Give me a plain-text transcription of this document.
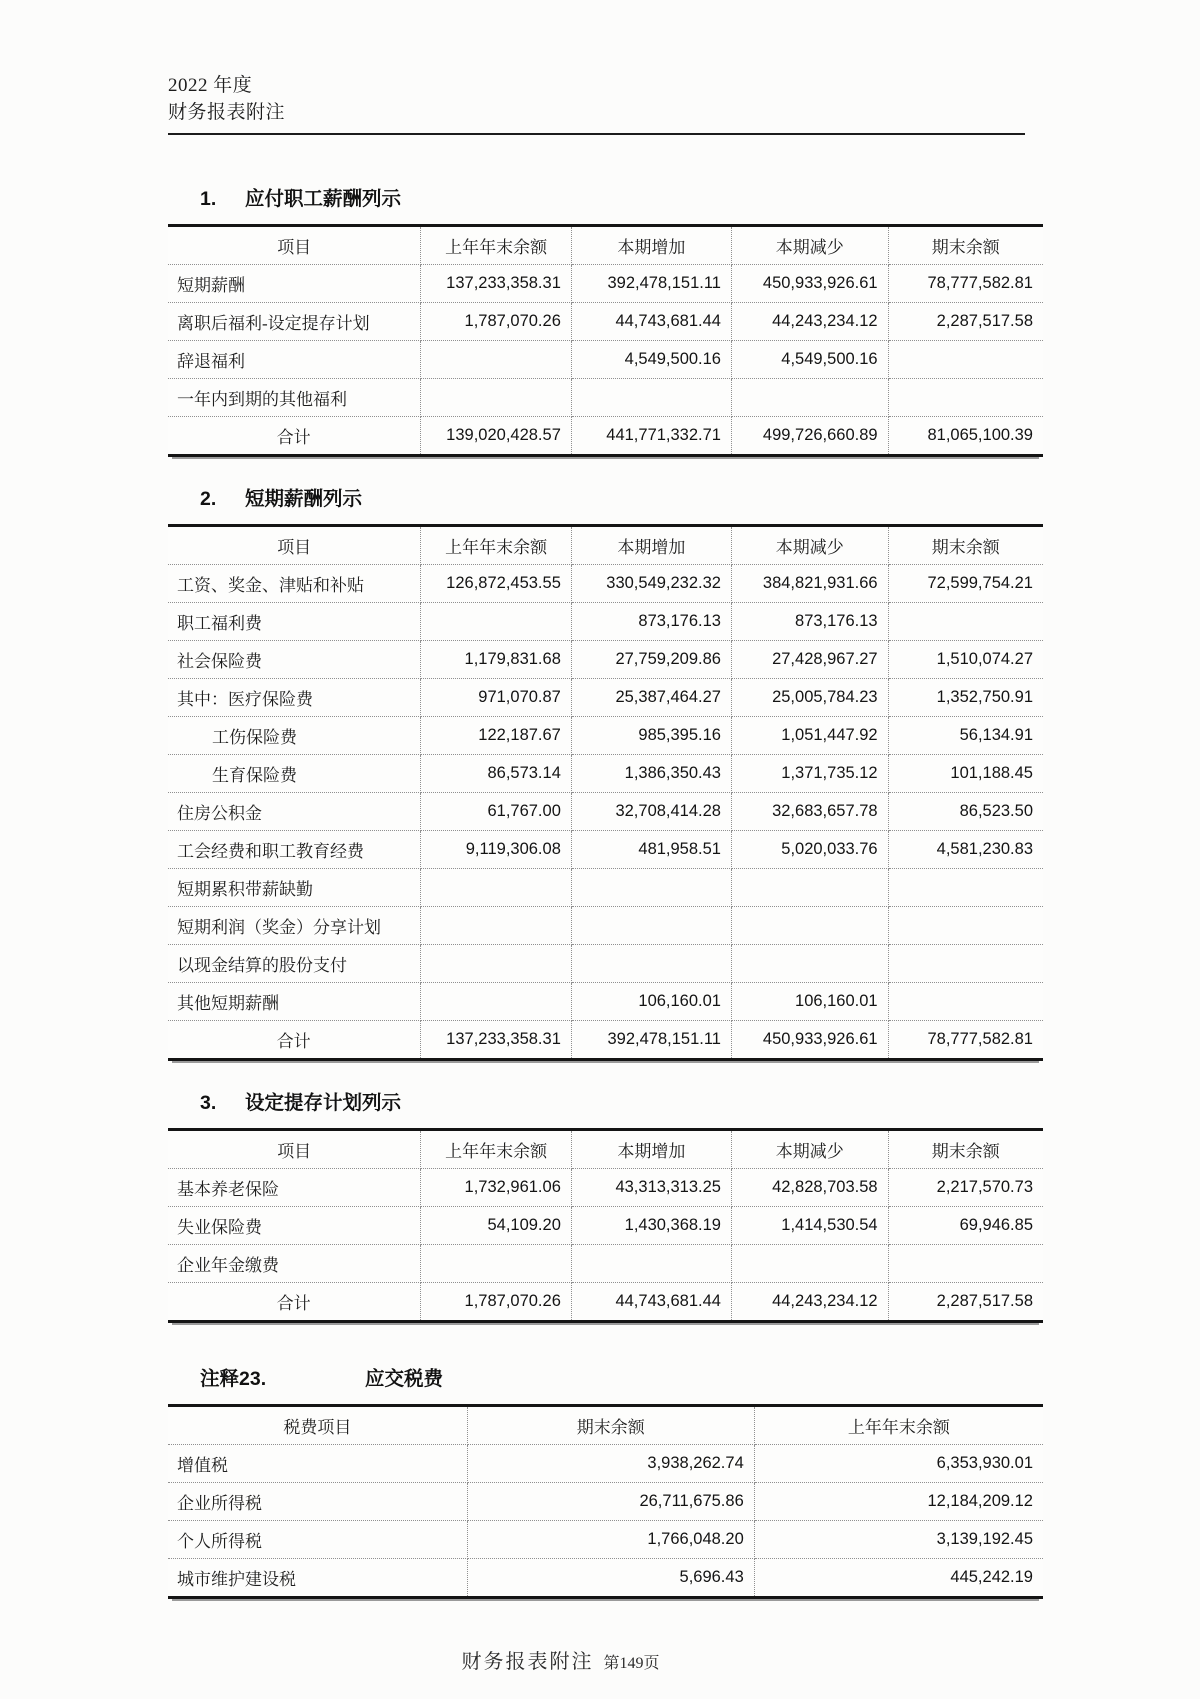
2022 年度
财务报表附注
1.	应付职工薪酬列示
项目	上年年末余额	本期增加	本期减少	期末余额
短期薪酬	137,233,358.31	392,478,151.11	450,933,926.61	78,777,582.81
离职后福利-设定提存计划	1,787,070.26	44,743,681.44	44,243,234.12	2,287,517.58
辞退福利		4,549,500.16	4,549,500.16	
一年内到期的其他福利				
合计	139,020,428.57	441,771,332.71	499,726,660.89	81,065,100.39
2.	短期薪酬列示
项目	上年年末余额	本期增加	本期减少	期末余额
工资、奖金、津贴和补贴	126,872,453.55	330,549,232.32	384,821,931.66	72,599,754.21
职工福利费		873,176.13	873,176.13	
社会保险费	1,179,831.68	27,759,209.86	27,428,967.27	1,510,074.27
其中：医疗保险费	971,070.87	25,387,464.27	25,005,784.23	1,352,750.91
工伤保险费	122,187.67	985,395.16	1,051,447.92	56,134.91
生育保险费	86,573.14	1,386,350.43	1,371,735.12	101,188.45
住房公积金	61,767.00	32,708,414.28	32,683,657.78	86,523.50
工会经费和职工教育经费	9,119,306.08	481,958.51	5,020,033.76	4,581,230.83
短期累积带薪缺勤				
短期利润（奖金）分享计划				
以现金结算的股份支付				
其他短期薪酬		106,160.01	106,160.01	
合计	137,233,358.31	392,478,151.11	450,933,926.61	78,777,582.81
3.	设定提存计划列示
项目	上年年末余额	本期增加	本期减少	期末余额
基本养老保险	1,732,961.06	43,313,313.25	42,828,703.58	2,217,570.73
失业保险费	54,109.20	1,430,368.19	1,414,530.54	69,946.85
企业年金缴费				
合计	1,787,070.26	44,743,681.44	44,243,234.12	2,287,517.58
注释23.	应交税费
税费项目	期末余额	上年年末余额
增值税	3,938,262.74	6,353,930.01
企业所得税	26,711,675.86	12,184,209.12
个人所得税	1,766,048.20	3,139,192.45
城市维护建设税	5,696.43	445,242.19
财务报表附注 第149页
